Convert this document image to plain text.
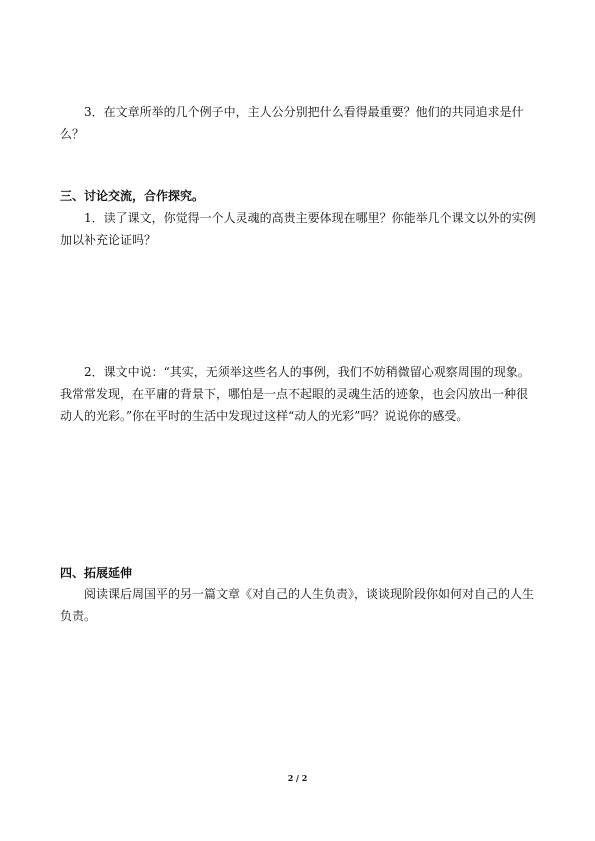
3．在文章所举的几个例子中，主人公分别把什么看得最重要？他们的共同追求是什么？
三、讨论交流，合作探究。
1．读了课文，你觉得一个人灵魂的高贵主要体现在哪里？你能举几个课文以外的实例加以补充论证吗？
2．课文中说：“其实，无须举这些名人的事例，我们不妨稍微留心观察周围的现象。我常常发现，在平庸的背景下，哪怕是一点不起眼的灵魂生活的迹象，也会闪放出一种很动人的光彩。”你在平时的生活中发现过这样“动人的光彩”吗？说说你的感受。
四、拓展延伸
阅读课后周国平的另一篇文章《对自己的人生负责》，谈谈现阶段你如何对自己的人生负责。
2 / 2
